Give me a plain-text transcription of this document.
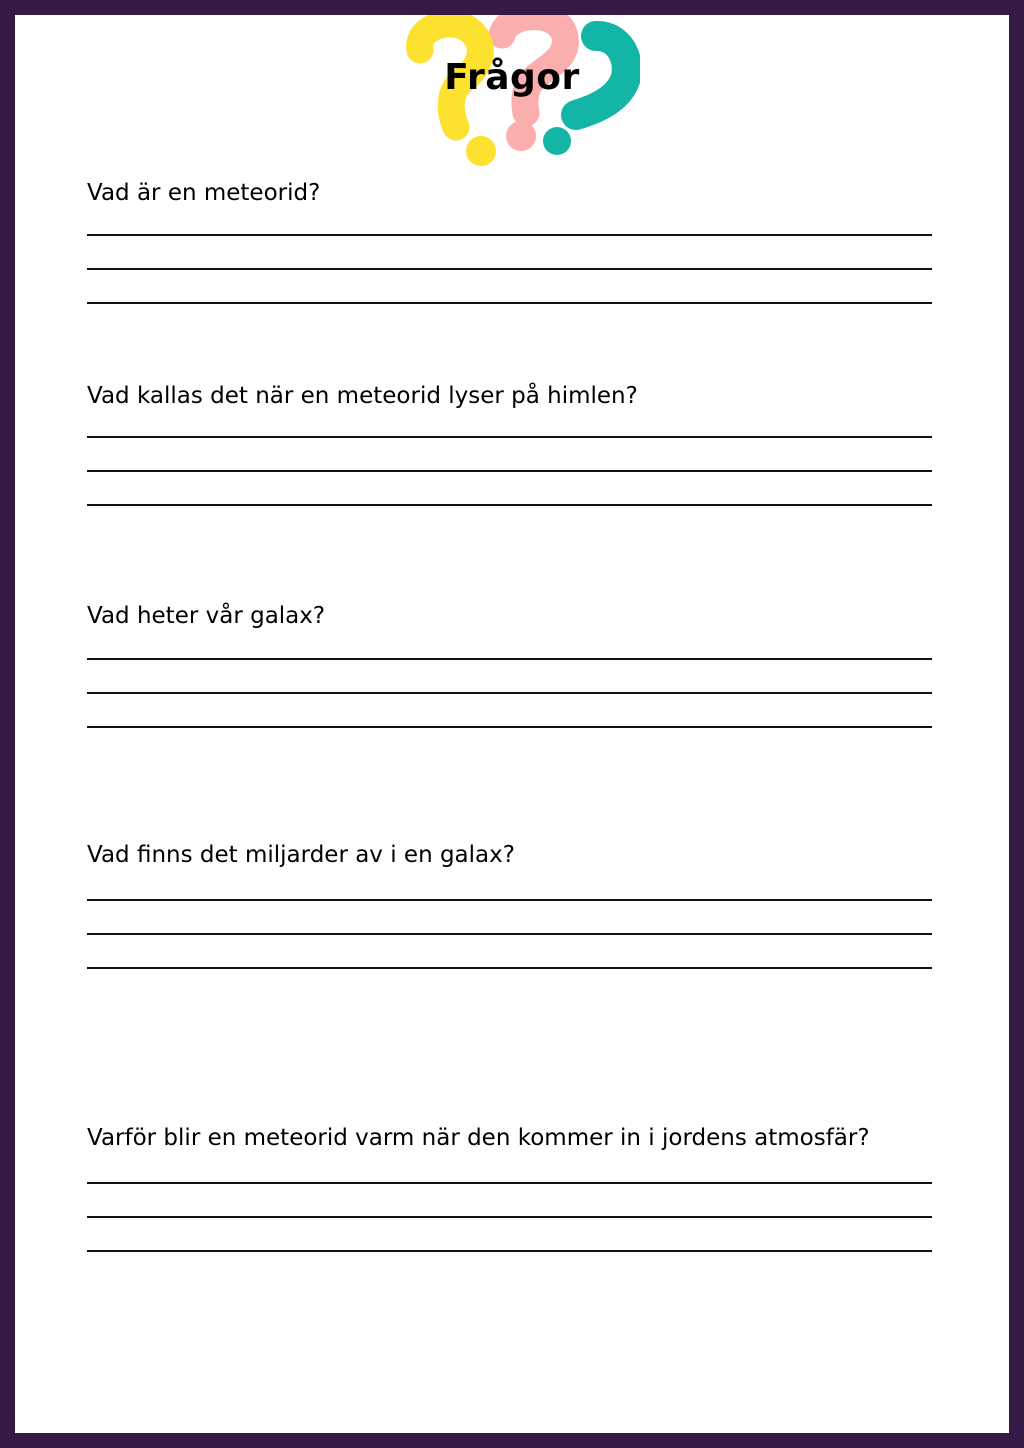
Frågor

Vad är en meteorid?

Vad kallas det när en meteorid lyser på himlen?

Vad heter vår galax?

Vad finns det miljarder av i en galax?

Varför blir en meteorid varm när den kommer in i jordens atmosfär?
